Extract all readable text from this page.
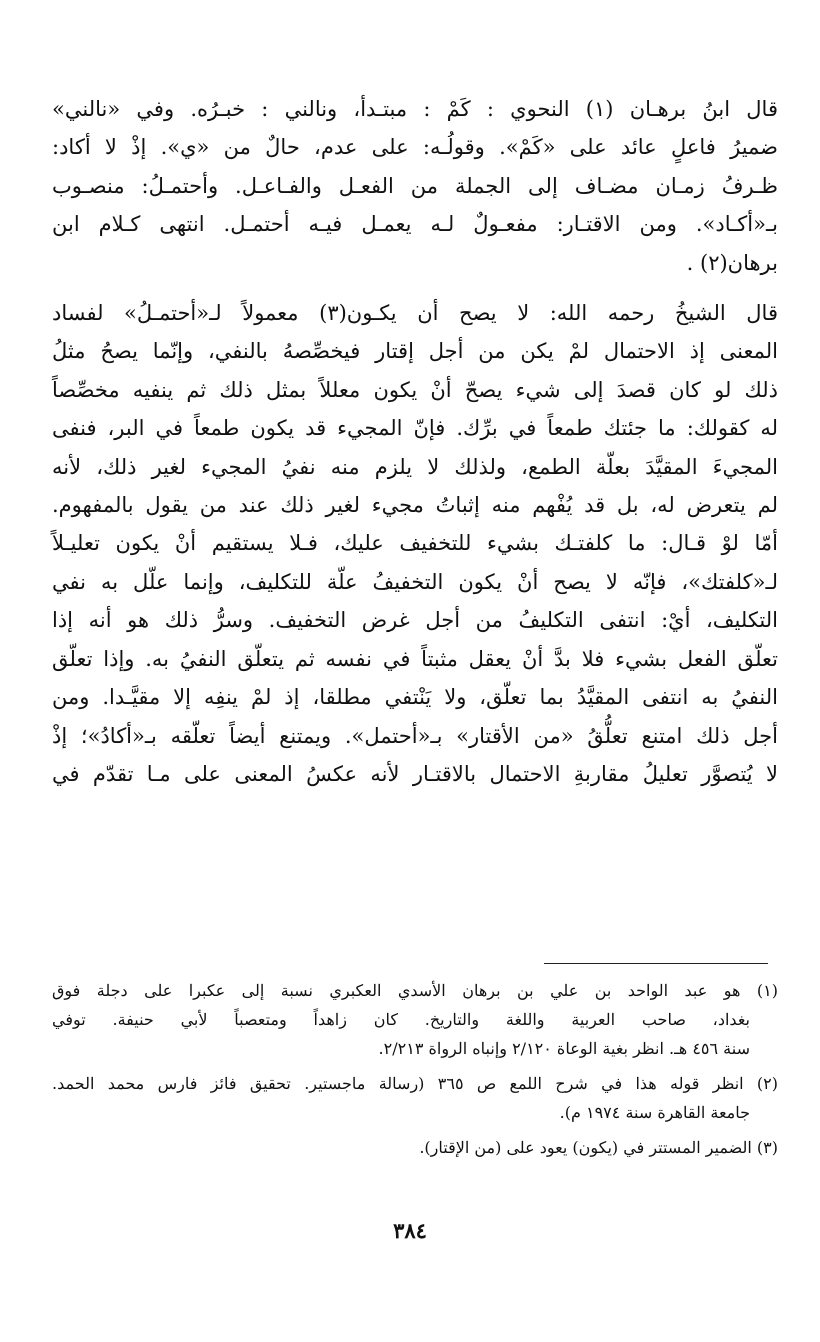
قال ابنُ برهـان (١) النحوي : كَمْ : مبتـدأ، ونالني : خبـرُه. وفي «نالني»
ضميرُ فاعلٍ عائد على «كَمْ». وقولُـه: على عدم، حالٌ من «ي». إذْ لا أكاد:
ظـرفُ زمـان مضـاف إلى الجملة من الفعـل والفـاعـل. وأحتمـلُ: منصـوب
بـ«أكـاد». ومن الاقتـار: مفعـولٌ لـه يعمـل فيـه أحتمـل. انتهى كـلام ابن
برهان(٢) .

قال الشيخُ رحمه الله: لا يصح أن يكـون(٣) معمولاً لـ«أحتمـلُ» لفساد
المعنى إذ الاحتمال لمْ يكن من أجل إقتار فيخصِّصهُ بالنفي، وإنّما يصحُ مثلُ
ذلك لو كان قصدَ إلى شيء يصحّ أنْ يكون معللاً بمثل ذلك ثم ينفيه مخصِّصاً
له كقولك: ما جئتك طمعاً في برِّك. فإنّ المجيء قد يكون طمعاً في البر، فنفى
المجيءَ المقيَّدَ بعلّة الطمع، ولذلك لا يلزم منه نفيُ المجيء لغير ذلك، لأنه
لم يتعرض له، بل قد يُفْهم منه إثباتُ مجيء لغير ذلك عند من يقول بالمفهوم.
أمّا لوْ قـال: ما كلفتـك بشيء للتخفيف عليك، فـلا يستقيم أنْ يكون تعليـلاً
لـ«كلفتك»، فإنّه لا يصح أنْ يكون التخفيفُ علّة للتكليف، وإنما علّل به نفي
التكليف، أيْ: انتفى التكليفُ من أجل غرض التخفيف. وسرُّ ذلك هو أنه إذا
تعلّق الفعل بشيء فلا بدَّ أنْ يعقل مثبتاً في نفسه ثم يتعلّق النفيُ به. وإذا تعلّق
النفيُ به انتفى المقيَّدُ بما تعلّق، ولا يَنْتفي مطلقا، إذ لمْ ينفِه إلا مقيَّـدا. ومن
أجل ذلك امتنع تعلُّقُ «من الأقتار» بـ«أحتمل». ويمتنع أيضاً تعلّقه بـ«أكادُ»؛ إذْ
لا يُتصوَّر تعليلُ مقاربةِ الاحتمال بالاقتـار لأنه عكسُ المعنى على مـا تقدّم في

(١) هو عبد الواحد بن علي بن برهان الأسدي العكبري نسبة إلى عكبرا على دجلة فوق
بغداد، صاحب العربية واللغة والتاريخ. كان زاهداً ومتعصباً لأبي حنيفة. توفي
سنة ٤٥٦ هـ. انظر بغية الوعاة ٢/١٢٠ وإنباه الرواة ٢/٢١٣.

(٢) انظر قوله هذا في شرح اللمع ص ٣٦٥ (رسالة ماجستير. تحقيق فائز فارس محمد الحمد.
جامعة القاهرة سنة ١٩٧٤ م).

(٣) الضمير المستتر في (يكون) يعود على (من الإقتار).

٣٨٤
